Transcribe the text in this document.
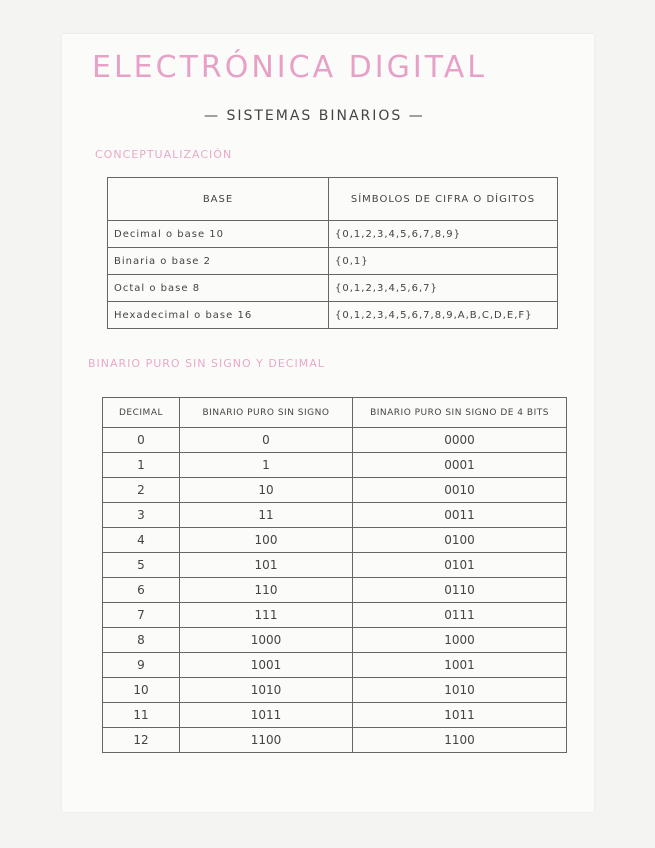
ELECTRÓNICA DIGITAL
— SISTEMAS BINARIOS —
CONCEPTUALIZACIÓN
BASE	SÍMBOLOS DE CIFRA O DÍGITOS
Decimal o base 10	{0,1,2,3,4,5,6,7,8,9}
Binaria o base 2	{0,1}
Octal o base 8	{0,1,2,3,4,5,6,7}
Hexadecimal o base 16	{0,1,2,3,4,5,6,7,8,9,A,B,C,D,E,F}
BINARIO PURO SIN SIGNO Y DECIMAL
DECIMAL	BINARIO PURO SIN SIGNO	BINARIO PURO SIN SIGNO DE 4 BITS
0	0	0000
1	1	0001
2	10	0010
3	11	0011
4	100	0100
5	101	0101
6	110	0110
7	111	0111
8	1000	1000
9	1001	1001
10	1010	1010
11	1011	1011
12	1100	1100
